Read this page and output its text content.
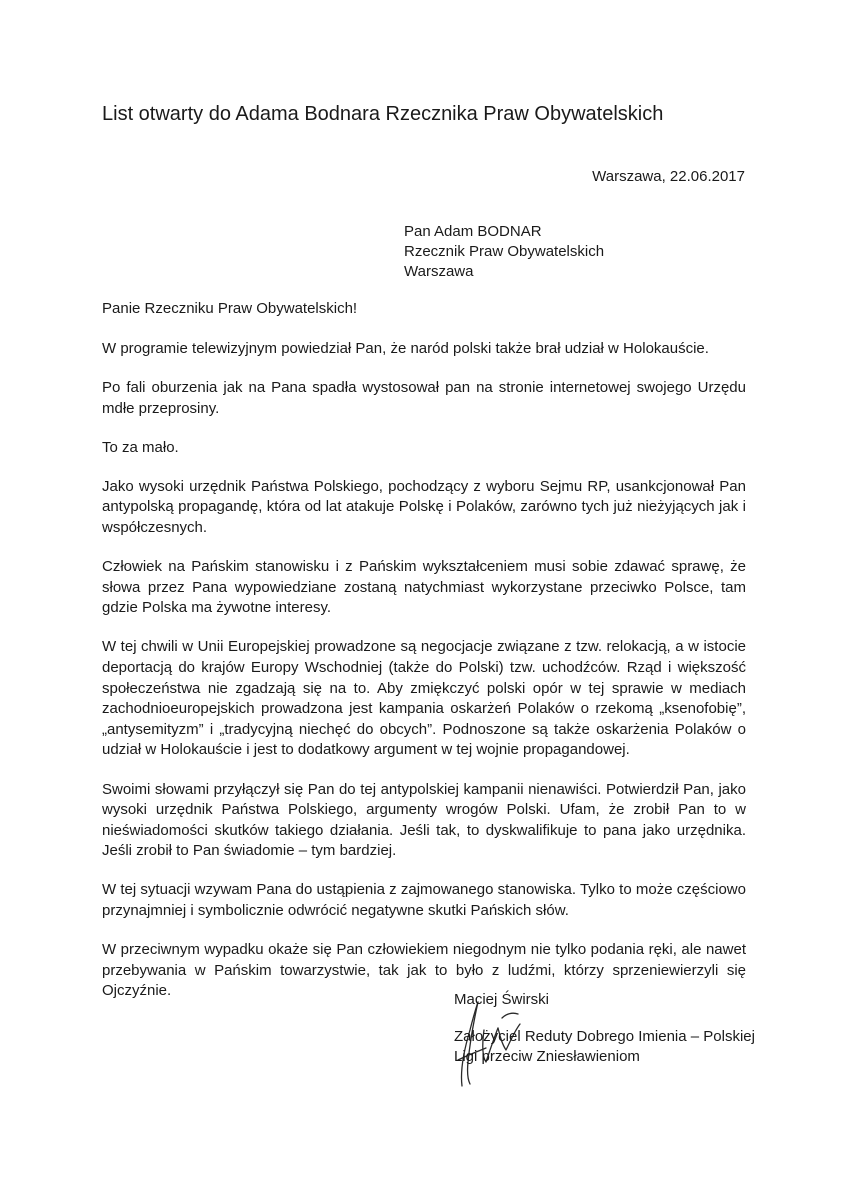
List otwarty do Adama Bodnara Rzecznika Praw Obywatelskich
Warszawa, 22.06.2017
Pan Adam BODNAR
Rzecznik Praw Obywatelskich
Warszawa
Panie Rzeczniku Praw Obywatelskich!

W programie telewizyjnym powiedział Pan, że naród polski także brał udział w Holokauście.

Po fali oburzenia jak na Pana spadła wystosował pan na stronie internetowej swojego Urzędu mdłe przeprosiny.

To za mało.

Jako wysoki urzędnik Państwa Polskiego, pochodzący z wyboru Sejmu RP, usankcjonował Pan antypolską propagandę, która od lat atakuje Polskę i Polaków, zarówno tych już nieżyjących jak i współczesnych.

Człowiek na Pańskim stanowisku i z Pańskim wykształceniem musi sobie zdawać sprawę, że słowa przez Pana wypowiedziane zostaną natychmiast wykorzystane przeciwko Polsce, tam gdzie Polska ma żywotne interesy.

W tej chwili w Unii Europejskiej prowadzone są negocjacje związane z tzw. relokacją, a w istocie deportacją do krajów Europy Wschodniej (także do Polski) tzw. uchodźców. Rząd i większość społeczeństwa nie zgadzają się na to. Aby zmiękczyć polski opór w tej sprawie w mediach zachodnioeuropejskich prowadzona jest kampania oskarżeń Polaków o rzekomą „ksenofobię”, „antysemityzm” i „tradycyjną niechęć do obcych”. Podnoszone są także oskarżenia Polaków o udział w Holokauście i jest to dodatkowy argument w tej wojnie propagandowej.

Swoimi słowami przyłączył się Pan do tej antypolskiej kampanii nienawiści. Potwierdził Pan, jako wysoki urzędnik Państwa Polskiego, argumenty wrogów Polski. Ufam, że zrobił Pan to w nieświadomości skutków takiego działania. Jeśli tak, to dyskwalifikuje to pana jako urzędnika. Jeśli zrobił to Pan świadomie – tym bardziej.

W tej sytuacji wzywam Pana do ustąpienia z zajmowanego stanowiska. Tylko to może częściowo przynajmniej i symbolicznie odwrócić negatywne skutki Pańskich słów.

W przeciwnym wypadku okaże się Pan człowiekiem niegodnym nie tylko podania ręki, ale nawet przebywania w Pańskim towarzystwie, tak jak to było z ludźmi, którzy sprzeniewierzyli się Ojczyźnie.

Maciej Świrski
Założyciel Reduty Dobrego Imienia – Polskiej
Ligi przeciw Zniesławieniom
